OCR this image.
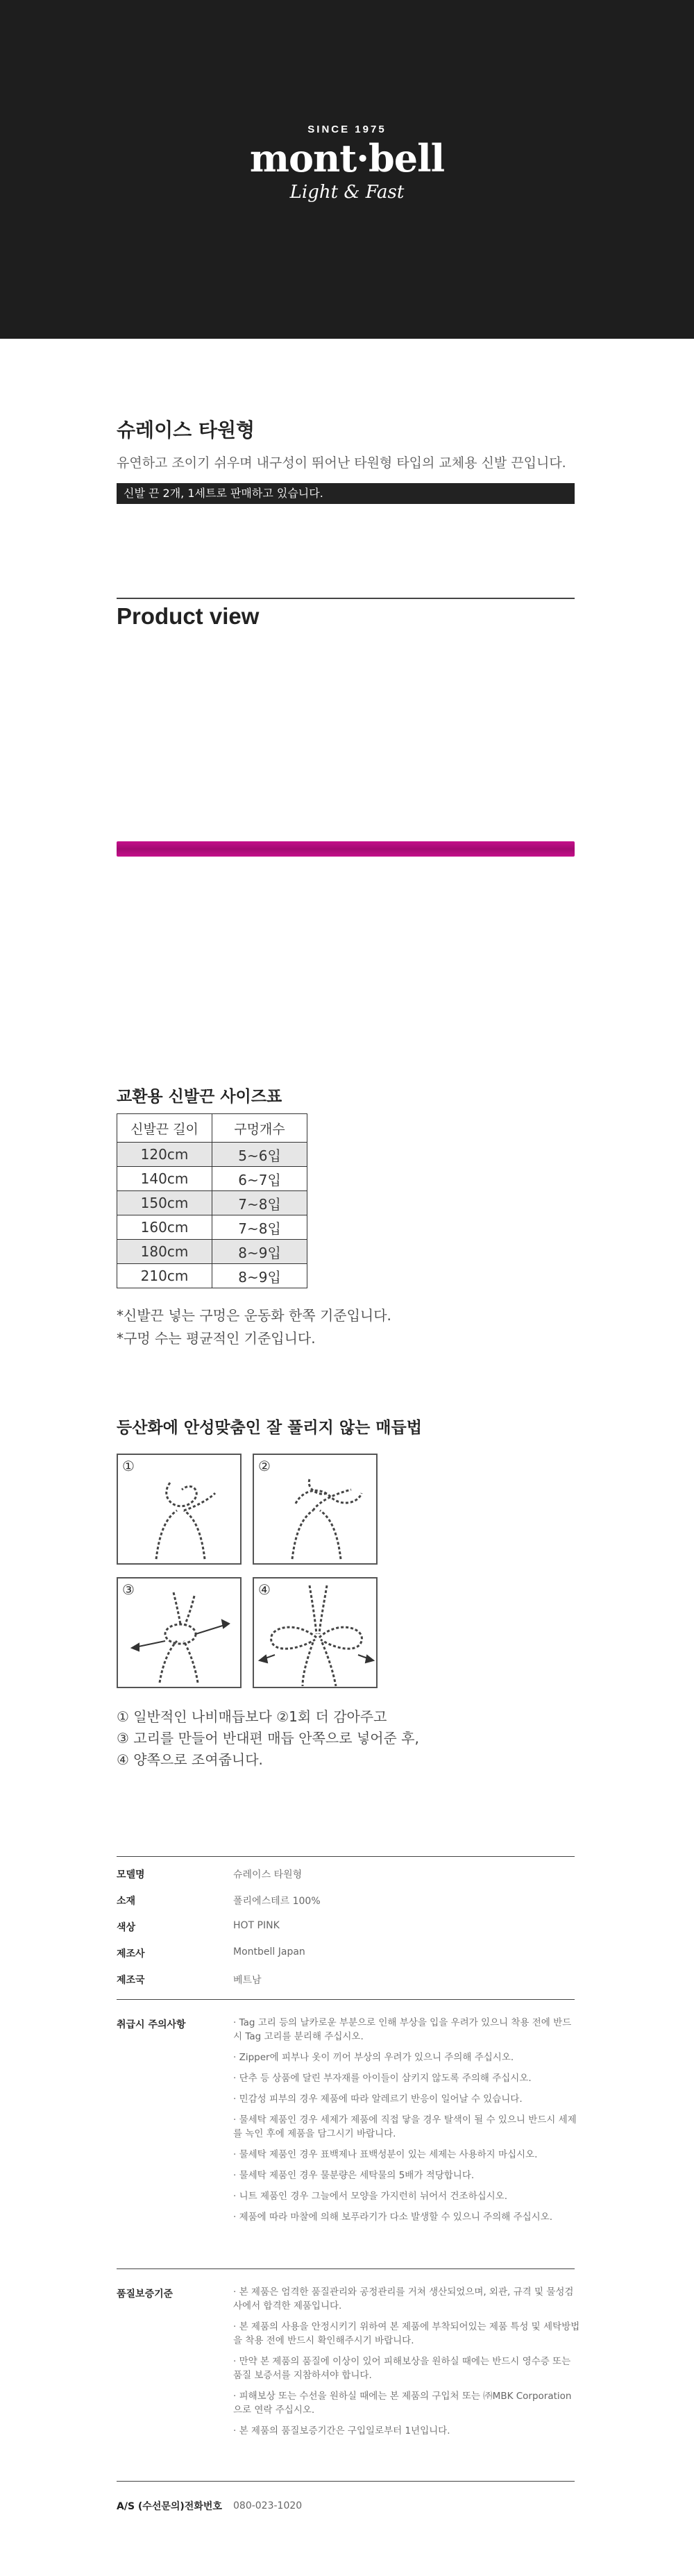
SINCE 1975
mont·bell
Light & Fast
슈레이스 타원형
유연하고 조이기 쉬우며 내구성이 뛰어난 타원형 타입의 교체용 신발 끈입니다.
신발 끈 2개, 1세트로 판매하고 있습니다.
Product view
교환용 신발끈 사이즈표
신발끈 길이	구멍개수
120cm	5~6입
140cm	6~7입
150cm	7~8입
160cm	7~8입
180cm	8~9입
210cm	8~9입
*신발끈 넣는 구멍은 운동화 한쪽 기준입니다.
*구멍 수는 평균적인 기준입니다.
등산화에 안성맞춤인 잘 풀리지 않는 매듭법
①	②
③	④
① 일반적인 나비매듭보다 ②1회 더 감아주고
③ 고리를 만들어 반대편 매듭 안쪽으로 넣어준 후,
④ 양쪽으로 조여줍니다.
모델명	슈레이스 타원형
소재	폴리에스테르 100%
색상	HOT PINK
제조사	Montbell Japan
제조국	베트남
취급시 주의사항	· Tag 고리 등의 날카로운 부분으로 인해 부상을 입을 우려가 있으니 착용 전에 반드시 Tag 고리를 분리해 주십시오.
· Zipper에 피부나 옷이 끼어 부상의 우려가 있으니 주의해 주십시오.
· 단추 등 상품에 달린 부자재를 아이들이 삼키지 않도록 주의해 주십시오.
· 민감성 피부의 경우 제품에 따라 알레르기 반응이 일어날 수 있습니다.
· 물세탁 제품인 경우 세제가 제품에 직접 닿을 경우 탈색이 될 수 있으니 반드시 세제를 녹인 후에 제품을 담그시기 바랍니다.
· 물세탁 제품인 경우 표백제나 표백성분이 있는 세제는 사용하지 마십시오.
· 물세탁 제품인 경우 물분량은 세탁물의 5배가 적당합니다.
· 니트 제품인 경우 그늘에서 모양을 가지런히 뉘어서 건조하십시오.
· 제품에 따라 마찰에 의해 보푸라기가 다소 발생할 수 있으니 주의해 주십시오.
품질보증기준	· 본 제품은 엄격한 품질관리와 공정관리를 거쳐 생산되었으며, 외관, 규격 및 물성검사에서 합격한 제품입니다.
· 본 제품의 사용을 안정시키기 위하여 본 제품에 부착되어있는 제품 특성 및 세탁방법을 착용 전에 반드시 확인해주시기 바랍니다.
· 만약 본 제품의 품질에 이상이 있어 피해보상을 원하실 때에는 반드시 영수증 또는 품질 보증서를 지참하셔야 합니다.
· 피해보상 또는 수선을 원하실 때에는 본 제품의 구입처 또는 ㈜MBK Corporation으로 연락 주십시오.
· 본 제품의 품질보증기간은 구입일로부터 1년입니다.
A/S (수선문의)전화번호 080-023-1020
